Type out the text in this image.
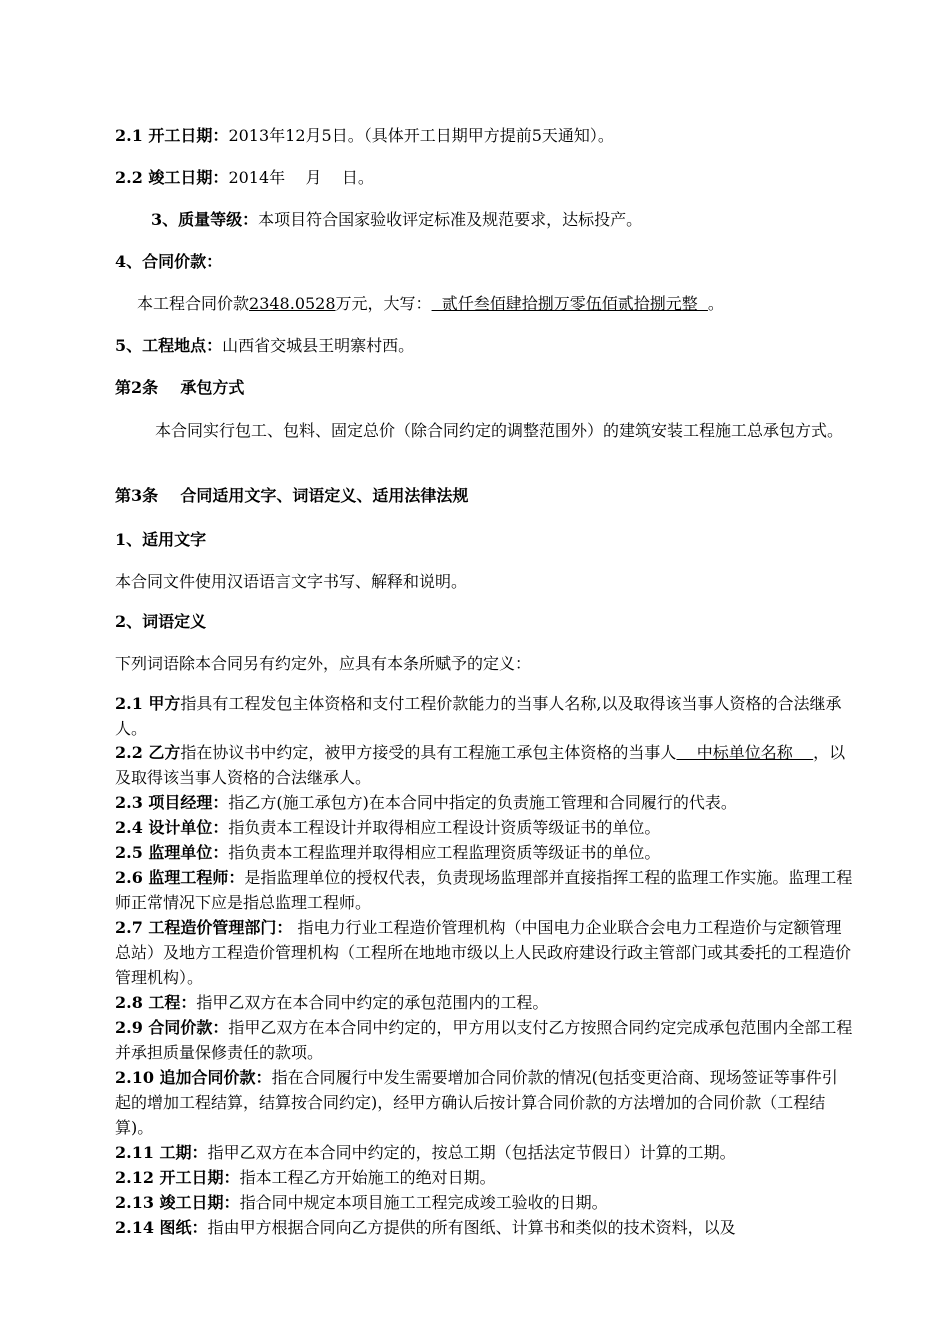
2.1 开工日期：2013年12月5日。（具体开工日期甲方提前5天通知）。
2.2 竣工日期：2014年    月    日。
3、质量等级：本项目符合国家验收评定标准及规范要求，达标投产。
4、合同价款：
本工程合同价款2348.0528万元，大写：  贰仟叁佰肆拾捌万零伍佰贰拾捌元整  。
5、工程地点：山西省交城县王明寨村西。
第2条    承包方式
本合同实行包工、包料、固定总价（除合同约定的调整范围外）的建筑安装工程施工总承包方式。
第3条    合同适用文字、词语定义、适用法律法规
1、适用文字
本合同文件使用汉语语言文字书写、解释和说明。
2、词语定义
下列词语除本合同另有约定外，应具有本条所赋予的定义：
2.1 甲方指具有工程发包主体资格和支付工程价款能力的当事人名称,以及取得该当事人资格的合法继承人。
2.2 乙方指在协议书中约定，被甲方接受的具有工程施工承包主体资格的当事人    中标单位名称    ，以及取得该当事人资格的合法继承人。
2.3 项目经理：指乙方(施工承包方)在本合同中指定的负责施工管理和合同履行的代表。
2.4 设计单位：指负责本工程设计并取得相应工程设计资质等级证书的单位。
2.5 监理单位：指负责本工程监理并取得相应工程监理资质等级证书的单位。
2.6 监理工程师：是指监理单位的授权代表，负责现场监理部并直接指挥工程的监理工作实施。监理工程师正常情况下应是指总监理工程师。
2.7 工程造价管理部门： 指电力行业工程造价管理机构（中国电力企业联合会电力工程造价与定额管理总站）及地方工程造价管理机构（工程所在地地市级以上人民政府建设行政主管部门或其委托的工程造价管理机构）。
2.8 工程：指甲乙双方在本合同中约定的承包范围内的工程。
2.9 合同价款：指甲乙双方在本合同中约定的，甲方用以支付乙方按照合同约定完成承包范围内全部工程并承担质量保修责任的款项。
2.10 追加合同价款：指在合同履行中发生需要增加合同价款的情况(包括变更洽商、现场签证等事件引起的增加工程结算，结算按合同约定)，经甲方确认后按计算合同价款的方法增加的合同价款（工程结算)。
2.11 工期：指甲乙双方在本合同中约定的，按总工期（包括法定节假日）计算的工期。
2.12 开工日期：指本工程乙方开始施工的绝对日期。
2.13 竣工日期：指合同中规定本项目施工工程完成竣工验收的日期。
2.14 图纸：指由甲方根据合同向乙方提供的所有图纸、计算书和类似的技术资料，以及
